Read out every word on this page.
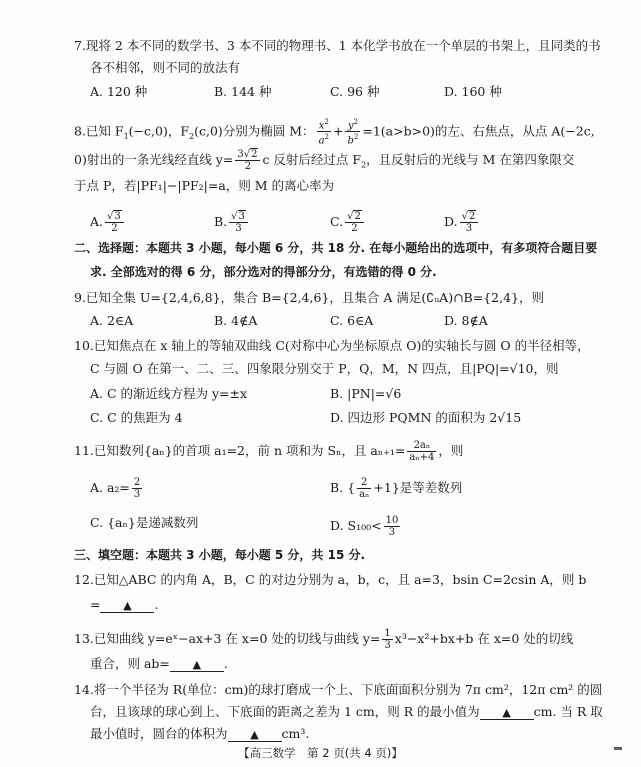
7.现将 2 本不同的数学书、3 本不同的物理书、1 本化学书放在一个单层的书架上，且同类的书
各不相邻，则不同的放法有
A. 120 种	B. 144 种	C. 96 种	D. 160 种
8.已知 $F_1(-c,0)$，$F_2(c,0)$分别为椭圆 M： $\frac{x^2}{a^2} + \frac{y^2}{b^2} =1(a>b>0)$的左、右焦点，从点 A(−2c,
0)射出的一条光线经直线 $y= \frac{3√2}{2}$ c 反射后经过点 $F_2$，且反射后的光线与 M 在第四象限交
于点 P，若|PF₁|−|PF₂|=a，则 M 的离心率为
A. $\frac{√3}{2}$	B. $\frac{√3}{3}$	C. $\frac{√2}{2}$	D. $\frac{√2}{3}$
二、选择题：本题共 3 小题，每小题 6 分，共 18 分. 在每小题给出的选项中，有多项符合题目要
求. 全部选对的得 6 分，部分选对的得部分分，有选错的得 0 分.
9.已知全集 U={2,4,6,8}，集合 B={2,4,6}，且集合 A 满足(∁ᵤA)∩B={2,4}，则
A. 2∈A	B. 4∉A	C. 6∈A	D. 8∉A
10.已知焦点在 x 轴上的等轴双曲线 C(对称中心为坐标原点 O)的实轴长与圆 O 的半径相等，
C 与圆 O 在第一、二、三、四象限分别交于 P，Q，M，N 四点，且|PQ|=√10，则
A. C 的渐近线方程为 y=±x	B. |PN|=√6
C. C 的焦距为 4	D. 四边形 PQMN 的面积为 2√15
11.已知数列{aₙ}的首项 a₁=2，前 n 项和为 Sₙ，且 $a_{n+1}= \frac{\text{2aₙ}}{\text{aₙ+4}}$ ，则
A. $a_2= \frac{2}{3}$	B. { $\frac{2}{\text{aₙ}} +1$}是等差数列
C. {aₙ}是递减数列	D. $S_{100}< \frac{10}{3}$
三、填空题：本题共 3 小题，每小题 5 分，共 15 分.
12.已知△ABC 的内角 A，B，C 的对边分别为 a，b，c，且 a=3，bsin C=2csin A，则 b
= ▲ .
13.已知曲线 y=eˣ−ax+3 在 x=0 处的切线与曲线 $y= \frac{1}{3} x^3-x^2+bx+b$ 在 x=0 处的切线
重合，则 ab= ▲ .
14.将一个半径为 R(单位：cm)的球打磨成一个上、下底面面积分别为 7π cm²，12π cm² 的圆
台，且该球的球心到上、下底面的距离之差为 1 cm，则 R 的最小值为 ▲ cm. 当 R 取
最小值时，圆台的体积为 ▲ cm³.
【高三数学　第 2 页(共 4 页)】
